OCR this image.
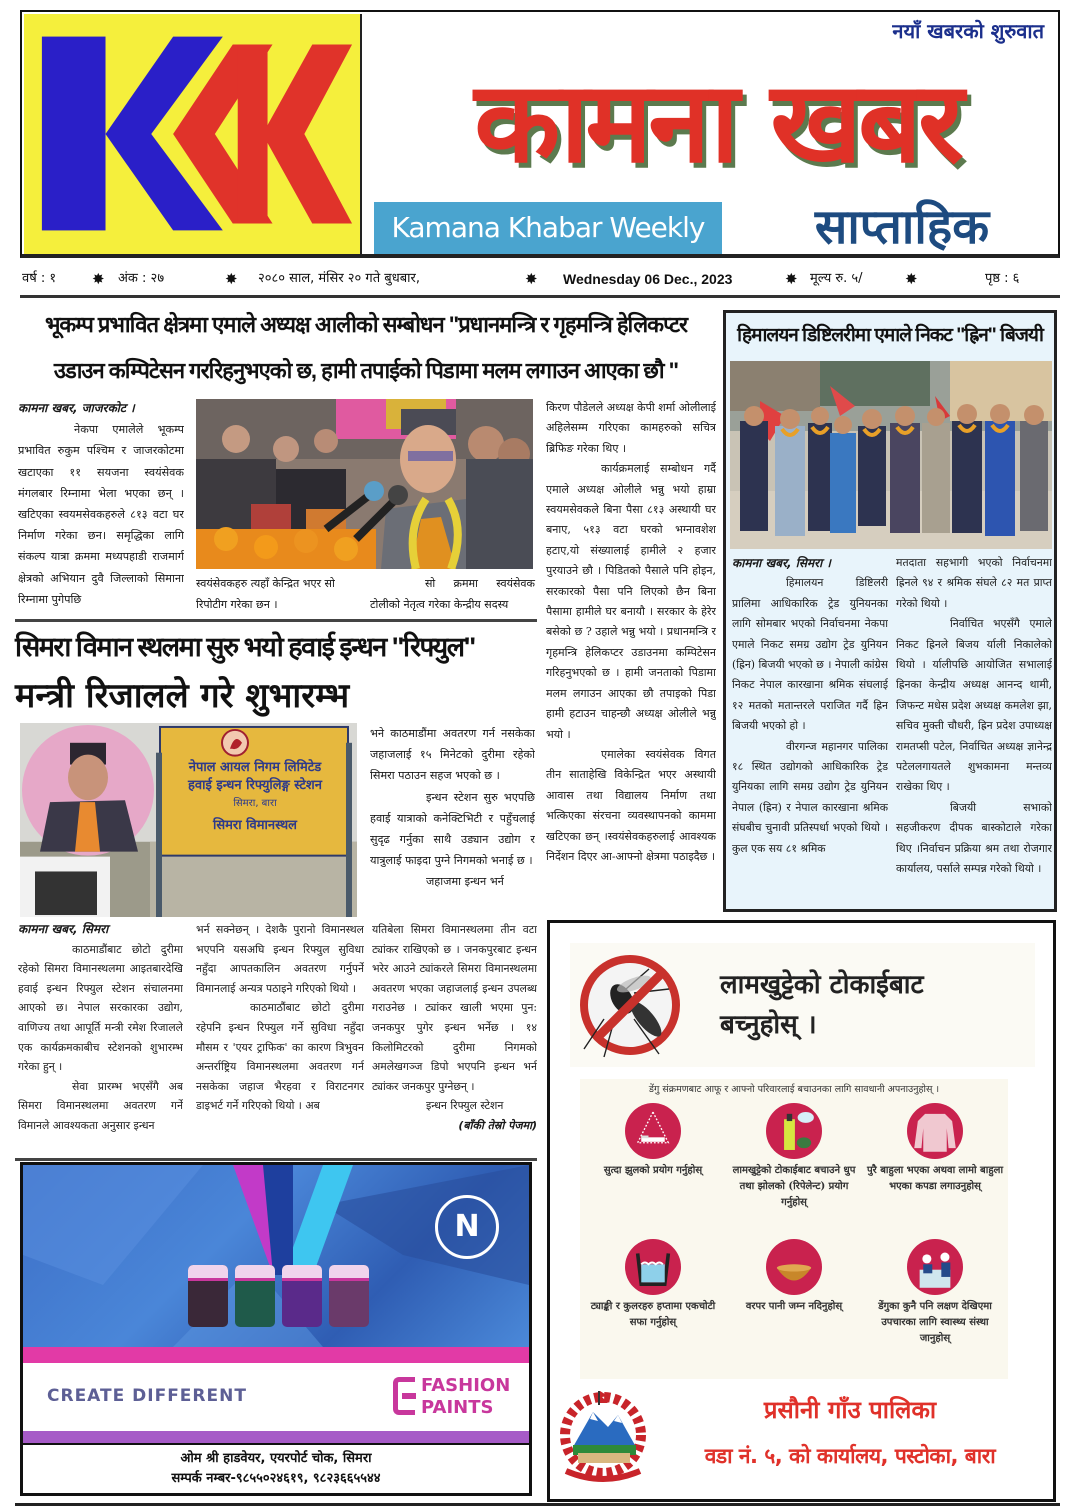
नयाँ खबरको शुरुवात
कामना खबर
Kamana Khabar Weekly	साप्ताहिक
वर्ष : १ ✸ अंक : २७	✸ २०८० साल, मंसिर २० गते बुधबार,	✸ Wednesday 06 Dec., 2023	✸ मूल्य रु. ५/	✸	पृष्ठ : ६
भूकम्प प्रभावित क्षेत्रमा एमाले अध्यक्ष आलीको सम्बोधन "प्रधानमन्त्रि र गृहमन्त्रि हेलिकप्टर
उडाउन कम्पिटेसन गररिहनुभएको छ, हामी तपाईको पिडामा मलम लगाउन आएका छौ "
कामना खबर, जाजरकोट ।

नेकपा एमालेले भूकम्प प्रभावित रुकुम पश्चिम र जाजरकोटमा खटाएका ११ सयजना स्वयंसेवक मंगलबार रिम्नामा भेला भएका छन् । खटिएका स्वयमसेवकहरुले ८१३ वटा घर निर्माण गरेका छन। समृद्धिका लागि संकल्प यात्रा क्रममा मध्यपहाडी राजमार्ग क्षेत्रको अभियान दुवै जिल्लाको सिमाना रिम्नामा पुगेपछि

स्वयंसेवकहरु त्यहाँ केन्द्रित भएर सो रिपोटीग गरेका छन ।
सो क्रममा स्वयंसेवक टोलीको नेतृत्व गरेका केन्द्रीय सदस्य

किरण पौडेलले अध्यक्ष केपी शर्मा ओलीलाई अहिलेसम्म गरिएका कामहरुको सचित्र ब्रिफिङ गरेका थिए ।

कार्यक्रमलाई सम्बोधन गर्दै एमाले अध्यक्ष ओलीले भन्नु भयो हाम्रा स्वयमसेवकले बिना पैसा ८१३ अस्थायी घर बनाए, ५१३ वटा घरको भग्नावशेश हटाए,यो संख्यालाई हामीले २ हजार पुरयाउने छौ । पिडितको पैसाले पनि होइन, सरकारको पैसा पनि लिएको छैन बिना पैसामा हामीले घर बनायौ । सरकार के हेरेर बसेको छ ? उहाले भन्नु भयो । प्रधानमन्त्रि र गृहमन्त्रि हेलिकप्टर उडाउनमा कम्पिटेसन गरिहनुभएको छ । हामी जनताको पिडामा मलम लगाउन आएका छौ तपाइको पिडा हामी हटाउन चाहन्छौ अध्यक्ष ओलीले भन्नु भयो ।

एमालेका स्वयंसेवक विगत तीन साताहेखि विकेन्द्रित भएर अस्थायी आवास तथा विद्यालय निर्माण तथा भत्किएका संरचना व्यवस्थापनको काममा खटिएका छन् ।स्वयंसेवकहरुलाई आवश्यक निर्देशन दिएर आ-आफ्नो क्षेत्रमा पठाइदैछ ।

हिमालयन डिष्टिलरीमा एमाले निकट "ह्रिन" बिजयी
कामना खबर, सिमरा ।

हिमालयन डिष्टिलरी प्रालिमा आधिकारिक ट्रेड युनियनका लागि सोमबार भएको निर्वाचनमा नेकपा एमाले निकट समग्र उद्योग ट्रेड युनियन (ह्रिन) बिजयी भएको छ । नेपाली कांग्रेस निकट नेपाल कारखाना श्रमिक संघलाई १२ मतको मतान्तरले पराजित गर्दै ह्रिन बिजयी भएको हो ।

वीरगन्ज महानगर पालिका १८ स्थित उद्योगको आधिकारिक ट्रेड युनियका लागि समग्र उद्योग ट्रेड युनियन नेपाल (ह्रिन) र नेपाल कारखाना श्रमिक संघबीच चुनावी प्रतिस्पर्धा भएको थियो । कुल एक सय ८१ श्रमिक

मतदाता सहभागी भएको निर्वाचनमा ह्रिनले ९४ र श्रमिक संघले ८२ मत प्राप्त गरेको थियो ।

निर्वाचित भएसँगै एमाले निकट ह्रिनले बिजय र्याली निकालेको थियो । र्यालीपछि आयोजित सभालाई ह्रिनका केन्द्रीय अध्यक्ष आनन्द थामी, जिफन्ट मधेस प्रदेश अध्यक्ष कमलेश झा, सचिव मुक्ती चौधरी, ह्रिन प्रदेश उपाध्यक्ष रामतप्सी पटेल, निर्वाचित अध्यक्ष ज्ञानेन्द्र पटेललगायतले शुभकामना मन्तव्य राखेका थिए ।

बिजयी सभाको सहजीकरण दीपक बास्कोटाले गरेका थिए ।निर्वाचन प्रक्रिया श्रम तथा रोजगार कार्यालय, पर्साले सम्पन्न गरेको थियो ।

सिमरा विमान स्थलमा सुरु भयो हवाई इन्धन "रिफ्युल"
मन्त्री रिजालले गरे शुभारम्भ
नेपाल आयल निगम लिमिटेड
हवाई इन्धन रिफ्युलिङ्ग स्टेशन
सिमरा, बारा
सिमरा विमानस्थल

भने काठमाडौंमा अवतरण गर्न नसकेका जहाजलाई १५ मिनेटको दुरीमा रहेको सिमरा पठाउन सहज भएको छ ।

इन्धन स्टेशन सुरु भएपछि हवाई यात्राको कनेक्टिभिटी र पहुँचलाई सुदृढ गर्नुका साथै उड्यान उद्योग र यात्रुलाई फाइदा पुग्ने निगमको भनाई छ ।

जहाजमा इन्धन भर्न

कामना खबर, सिमरा

काठमाडौंबाट छोटो दुरीमा रहेको सिमरा विमानस्थलमा आइतबारदेखि हवाई इन्धन रिफ्युल स्टेशन संचालनमा आएको छ। नेपाल सरकारका उद्योग, वाणिज्य तथा आपूर्ति मन्त्री रमेश रिजालले एक कार्यक्रमकाबीच स्टेशनको शुभारम्भ गरेका हुन् ।

सेवा प्रारम्भ भएसँगै अब सिमरा विमानस्थलमा अवतरण गर्ने विमानले आवश्यकता अनुसार इन्धन

भर्न सक्नेछन् । देशकै पुरानो विमानस्थल भएपनि यसअघि इन्धन रिफ्युल सुविधा नहुँदा आपतकालिन अवतरण गर्नुपर्ने विमानलाई अन्यत्र पठाइने गरिएको थियो ।

काठमाठौंबाट छोटो दुरीमा रहेपनि इन्धन रिफ्युल गर्ने सुविधा नहुँदा मौसम र 'एयर ट्राफिक' का कारण त्रिभुवन अन्तर्राष्ट्रिय विमानस्थलमा अवतरण गर्न नसकेका जहाज भैरहवा र विराटनगर डाइभर्ट गर्ने गरिएको थियो । अब

यतिबेला सिमरा विमानस्थलमा तीन वटा ट्यांकर राखिएको छ । जनकपुरबाट इन्धन भरेर आउने ट्यांकरले सिमरा विमानस्थलमा अवतरण भएका जहाजलाई इन्धन उपलब्ध गराउनेछ । ट्यांकर खाली भएमा पुन: जनकपुर पुगेर इन्धन भर्नेछ । १४ किलोमिटरको दुरीमा निगमको अमलेखगञ्ज डिपो भएपनि इन्धन भर्न ट्यांकर जनकपुर पुग्नेछन् ।

इन्धन रिफ्युल स्टेशन

(बाँकी तेस्रो पेजमा)
N
CREATE DIFFERENT	FASHION
PAINTS
ओम श्री हाडवेयर, एयरपोर्ट चोक, सिमरा
सम्पर्क नम्बर-९८५५०२४६१९, ९८२३६६५५४४
लामखुट्टेको टोकाईबाट
बच्नुहोस् ।
डेंगु संक्रमणबाट आफू र आफ्नो परिवारलाई बचाउनका लागि सावधानी अपनाउनुहोस् ।
सुत्दा झुलको प्रयोग गर्नुहोस्	लामखुट्टेको टोकाईबाट बचाउने धुप तथा झोलको (रिपेलेन्ट) प्रयोग गर्नुहोस्
पुरै बाहुला भएका अथवा लामो बाहुला भएका कपडा लगाउनुहोस्
ट्याङ्की र कुलरहरु हप्तामा एकचोटी सफा गर्नुहोस्
वरपर पानी जम्न नदिनुहोस्	डेंगुका कुनै पनि लक्षण देखिएमा उपचारका लागि स्वास्थ्य संस्था जानुहोस्
प्रसौनी गाँउ पालिका
वडा नं. ५, को कार्यालय, पस्टोका, बारा
